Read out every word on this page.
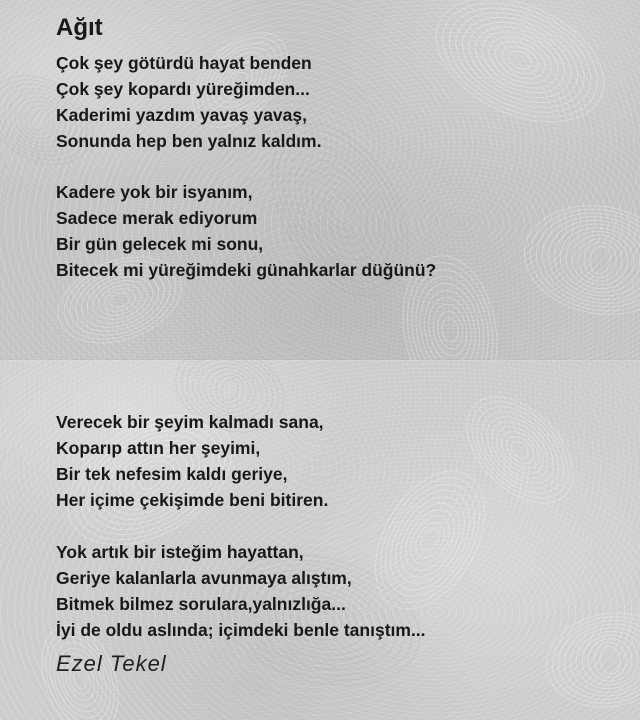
Ağıt
Çok şey götürdü hayat benden
Çok şey kopardı yüreğimden...
Kaderimi yazdım yavaş yavaş,
Sonunda hep ben yalnız kaldım.
Kadere yok bir isyanım,
Sadece merak ediyorum
Bir gün gelecek mi sonu,
Bitecek mi yüreğimdeki günahkarlar düğünü?
Verecek bir şeyim kalmadı sana,
Koparıp attın her şeyimi,
Bir tek nefesim kaldı geriye,
Her içime çekişimde beni bitiren.
Yok artık bir isteğim hayattan,
Geriye kalanlarla avunmaya alıştım,
Bitmek bilmez sorulara,yalnızlığa...
İyi de oldu aslında; içimdeki benle tanıştım...
Ezel Tekel
